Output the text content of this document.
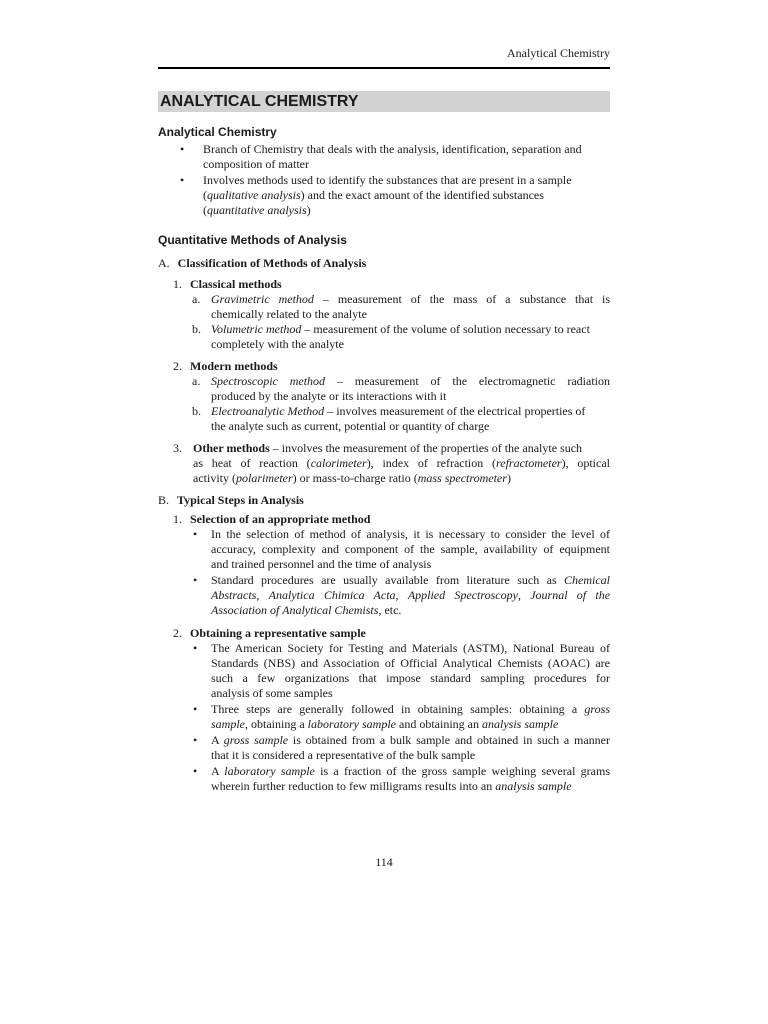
Analytical Chemistry
ANALYTICAL CHEMISTRY
Analytical Chemistry
• Branch of Chemistry that deals with the analysis, identification, separation and
composition of matter
• Involves methods used to identify the substances that are present in a sample
(qualitative analysis) and the exact amount of the identified substances
(quantitative analysis)
Quantitative Methods of Analysis
A. Classification of Methods of Analysis
1. Classical methods
a. Gravimetric method – measurement of the mass of a substance that is
chemically related to the analyte
b. Volumetric method – measurement of the volume of solution necessary to react
completely with the analyte
2. Modern methods
a. Spectroscopic method – measurement of the electromagnetic radiation
produced by the analyte or its interactions with it
b. Electroanalytic Method – involves measurement of the electrical properties of
the analyte such as current, potential or quantity of charge
3. Other methods – involves the measurement of the properties of the analyte such
as heat of reaction (calorimeter), index of refraction (refractometer), optical
activity (polarimeter) or mass-to-charge ratio (mass spectrometer)
B. Typical Steps in Analysis
1. Selection of an appropriate method
• In the selection of method of analysis, it is necessary to consider the level of
accuracy, complexity and component of the sample, availability of equipment
and trained personnel and the time of analysis
• Standard procedures are usually available from literature such as Chemical
Abstracts, Analytica Chimica Acta, Applied Spectroscopy, Journal of the
Association of Analytical Chemists, etc.
2. Obtaining a representative sample
• The American Society for Testing and Materials (ASTM), National Bureau of
Standards (NBS) and Association of Official Analytical Chemists (AOAC) are
such a few organizations that impose standard sampling procedures for
analysis of some samples
• Three steps are generally followed in obtaining samples: obtaining a gross
sample, obtaining a laboratory sample and obtaining an analysis sample
• A gross sample is obtained from a bulk sample and obtained in such a manner
that it is considered a representative of the bulk sample
• A laboratory sample is a fraction of the gross sample weighing several grams
wherein further reduction to few milligrams results into an analysis sample
114
